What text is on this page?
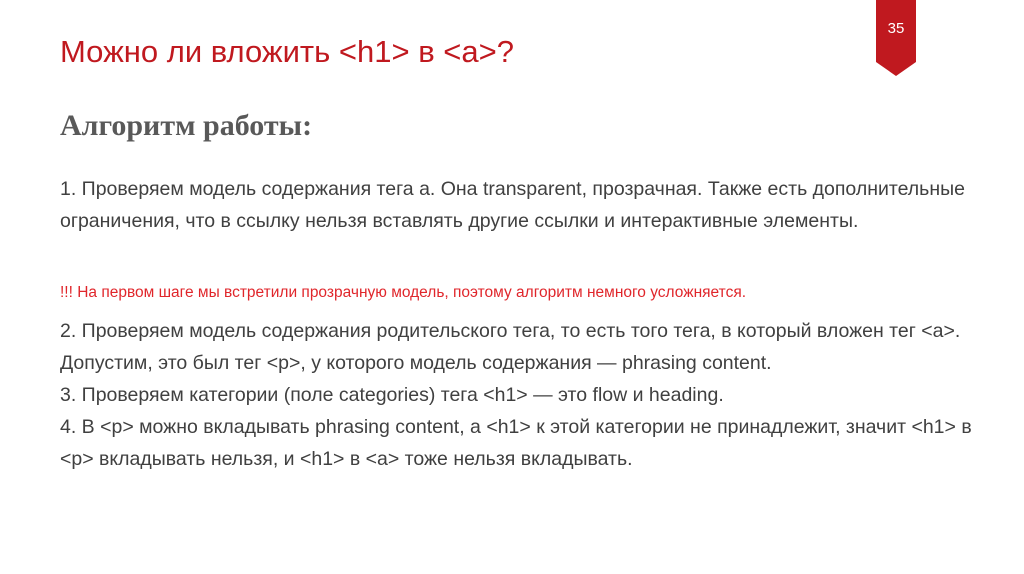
Можно ли вложить <h1> в <a>?
35
Алгоритм работы:

1. Проверяем модель содержания тега a. Она transparent, прозрачная. Также есть дополнительные ограничения, что в ссылку нельзя вставлять другие ссылки и интерактивные элементы.

!!! На первом шаге мы встретили прозрачную модель, поэтому алгоритм немного усложняется.

2. Проверяем модель содержания родительского тега, то есть того тега, в который вложен тег <a>. Допустим, это был тег <p>, у которого модель содержания — phrasing content.
3. Проверяем категории (поле categories) тега <h1> — это flow и heading.
4. В <p> можно вкладывать phrasing content, а <h1> к этой категории не принадлежит, значит <h1> в <p> вкладывать нельзя, и <h1> в <a> тоже нельзя вкладывать.
